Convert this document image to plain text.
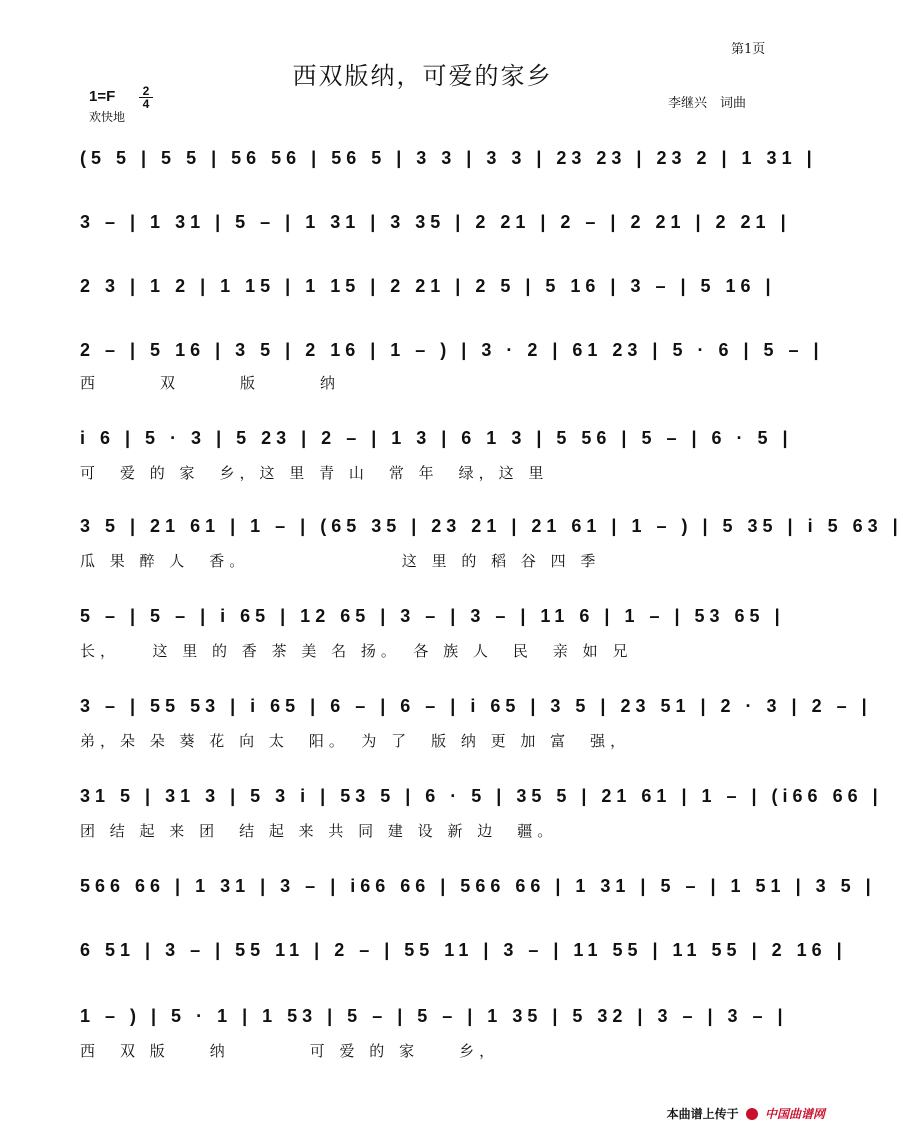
第1页
西双版纳，可爱的家乡
$1=F \frac{2}{4}$
欢快地
李继兴　词曲
(5 5 | 5 5 | 56 56 | 56 5 | 3 3 | 3 3 | 23 23 | 23 2 | 1 31 |
3 – | 1 31 | 5 – | 1 31 | 3 35 | 2 21 | 2 – | 2 21 | 2 21 |
2 3 | 1 2 | 1 15 | 1 15 | 2 21 | 2 5 | 5 16 | 3 – | 5 16 |
2 – | 5 16 | 3 5 | 2 16 | 1 – ) | 3 · 2 | 61 23 | 5 · 6 | 5 – |
西　　　双　　　版　　　纳
i 6 | 5 · 3 | 5 23 | 2 – | 1 3 | 6 1 3 | 5 56 | 5 – | 6 · 5 |
可　爱 的 家　乡，这 里 青 山　常 年　绿，这 里
3 5 | 21 61 | 1 – | (65 35 | 23 21 | 21 61 | 1 – ) | 5 35 | i 5 63 |
瓜 果 醉 人　香。　　　　　　　　这 里 的 稻 谷 四 季
5 – | 5 – | i 65 | 12 65 | 3 – | 3 – | 11 6 | 1 – | 53 65 |
长，　　这 里 的 香 茶 美 名 扬。　各 族 人　民　亲 如 兄
3 – | 55 53 | i 65 | 6 – | 6 – | i 65 | 3 5 | 23 51 | 2 · 3 | 2 – |
弟，朵 朵 葵 花 向 太　阳。　为 了　版 纳 更 加 富　强，
31 5 | 31 3 | 5 3 i | 53 5 | 6 · 5 | 35 5 | 21 61 | 1 – | (i66 66 |
团 结 起 来 团　结 起 来 共 同 建 设 新 边　疆。
566 66 | 1 31 | 3 – | i66 66 | 566 66 | 1 31 | 5 – | 1 51 | 3 5 |
6 51 | 3 – | 55 11 | 2 – | 55 11 | 3 – | 11 55 | 11 55 | 2 16 |
1 – ) | 5 · 1 | 1 53 | 5 – | 5 – | 1 35 | 5 32 | 3 – | 3 – |
西　双 版　　纳　　　　可 爱 的 家　　乡，
本曲谱上传于 中国曲谱网
